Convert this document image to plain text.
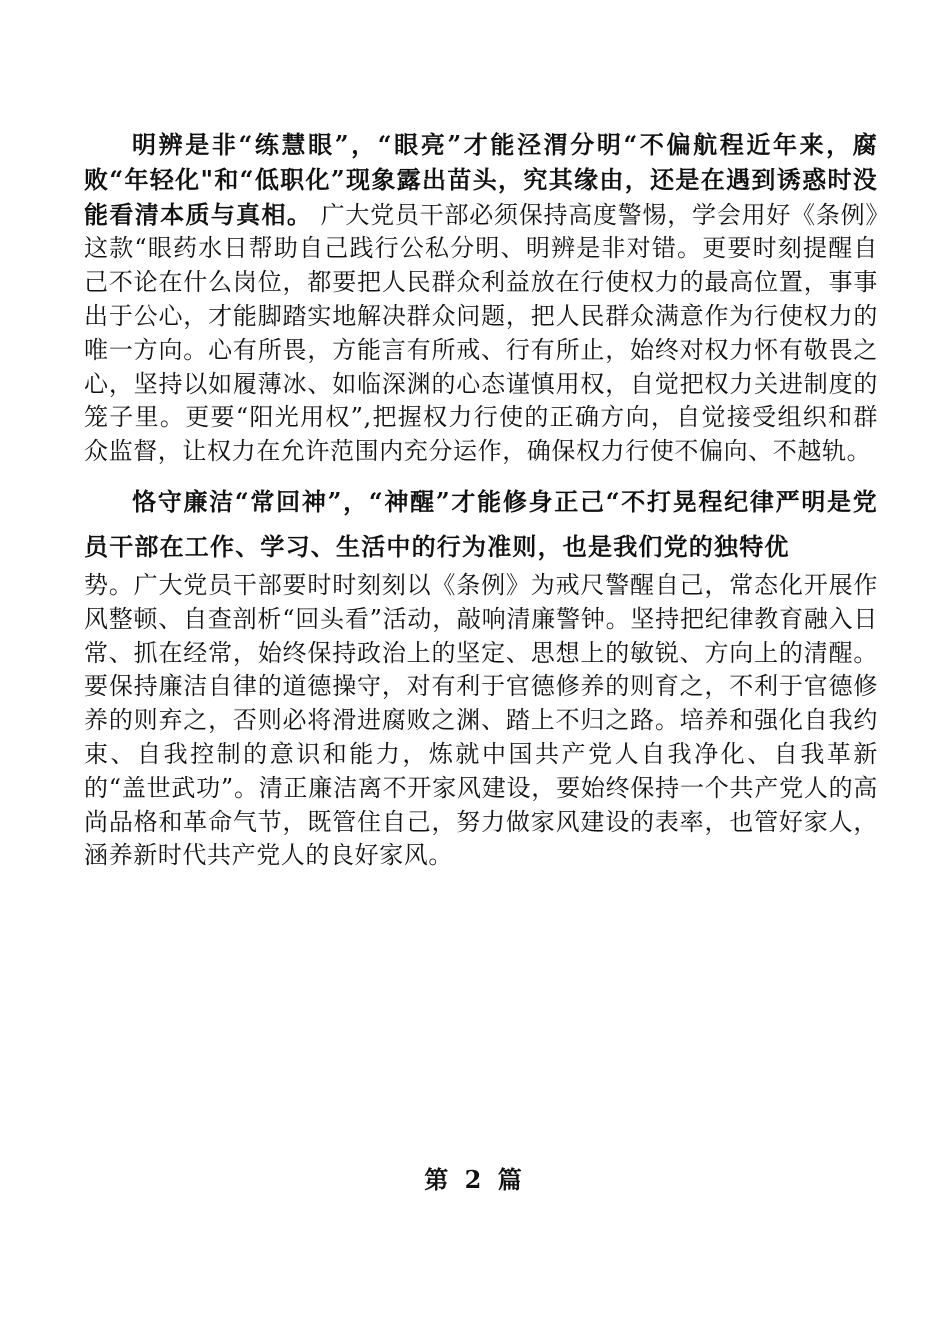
明辨是非“练慧眼”，“眼亮”才能泾渭分明“不偏航程近年来，腐败“年轻化"和“低职化”现象露出苗头，究其缘由，还是在遇到诱惑时没能看清本质与真相。 广大党员干部必须保持高度警惕，学会用好《条例》这款“眼药水日帮助自己践行公私分明、明辨是非对错。更要时刻提醒自己不论在什么岗位，都要把人民群众利益放在行使权力的最高位置，事事出于公心，才能脚踏实地解决群众问题，把人民群众满意作为行使权力的唯一方向。心有所畏，方能言有所戒、行有所止，始终对权力怀有敬畏之心，坚持以如履薄冰、如临深渊的心态谨慎用权，自觉把权力关进制度的笼子里。更要“阳光用权”,把握权力行使的正确方向，自觉接受组织和群众监督，让权力在允许范围内充分运作，确保权力行使不偏向、不越轨。

恪守廉洁“常回神”，“神醒”才能修身正己“不打晃程纪律严明是党员干部在工作、学习、生活中的行为准则，也是我们党的独特优
势。广大党员干部要时时刻刻以《条例》为戒尺警醒自己，常态化开展作风整顿、自查剖析“回头看”活动，敲响清廉警钟。坚持把纪律教育融入日常、抓在经常，始终保持政治上的坚定、思想上的敏锐、方向上的清醒。要保持廉洁自律的道德操守，对有利于官德修养的则育之，不利于官德修养的则弃之，否则必将滑进腐败之渊、踏上不归之路。培养和强化自我约束、自我控制的意识和能力，炼就中国共产党人自我净化、自我革新的“盖世武功”。清正廉洁离不开家风建设，要始终保持一个共产党人的高尚品格和革命气节，既管住自己，努力做家风建设的表率，也管好家人，涵养新时代共产党人的良好家风。

第 2 篇
